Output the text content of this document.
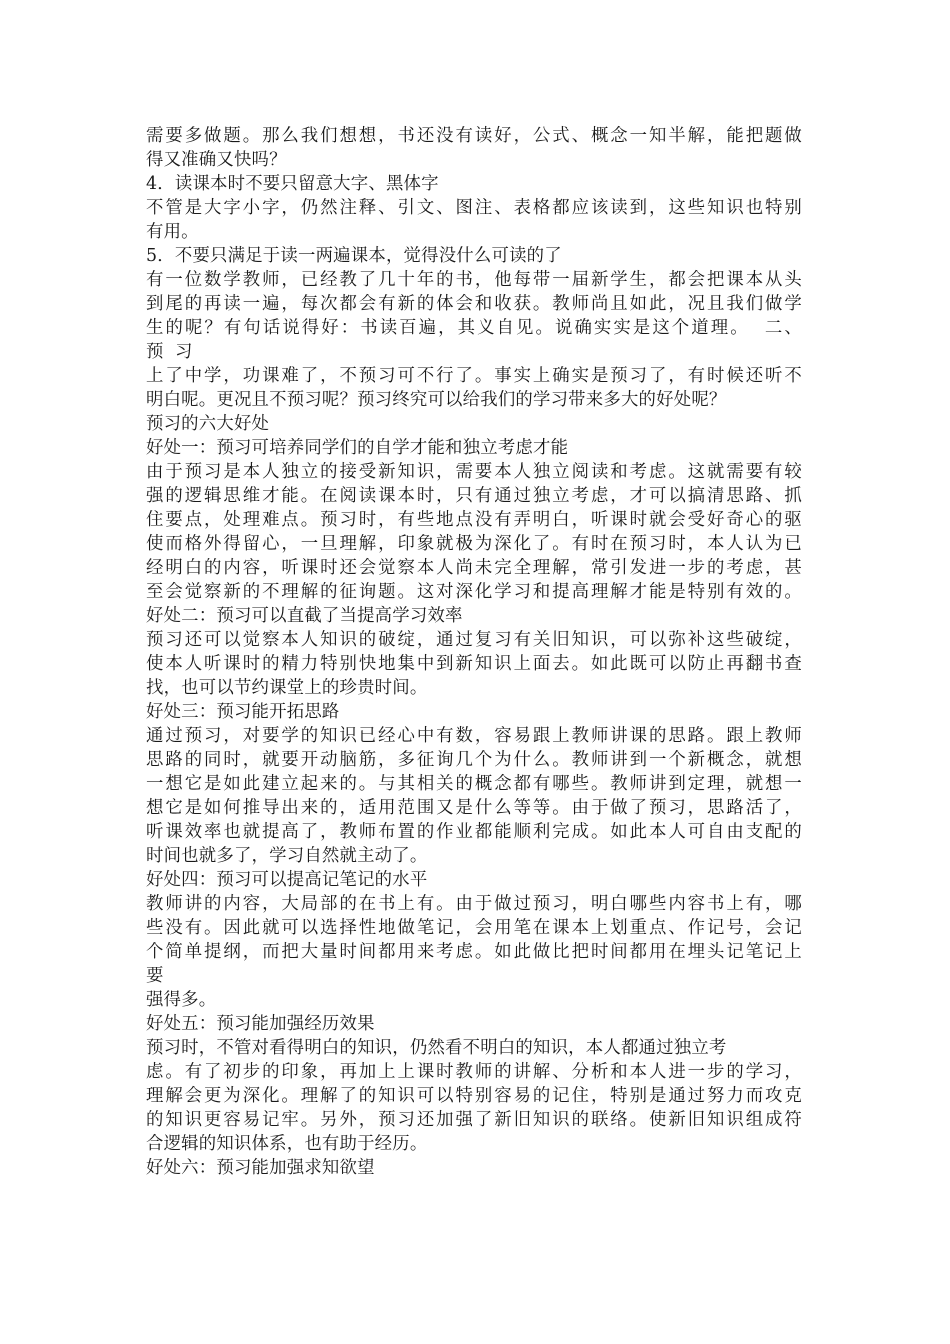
需要多做题。那么我们想想，书还没有读好，公式、概念一知半解，能把题做
得又准确又快吗？
4．读课本时不要只留意大字、黑体字
不管是大字小字，仍然注释、引文、图注、表格都应该读到，这些知识也特别
有用。
5．不要只满足于读一两遍课本，觉得没什么可读的了
有一位数学教师，已经教了几十年的书，他每带一届新学生，都会把课本从头
到尾的再读一遍，每次都会有新的体会和收获。教师尚且如此，况且我们做学
生的呢？有句话说得好：书读百遍，其义自见。说确实实是这个道理。  二、
预  习
上了中学，功课难了，不预习可不行了。事实上确实是预习了，有时候还听不
明白呢。更况且不预习呢？预习终究可以给我们的学习带来多大的好处呢？
预习的六大好处
好处一：预习可培养同学们的自学才能和独立考虑才能
由于预习是本人独立的接受新知识，需要本人独立阅读和考虑。这就需要有较
强的逻辑思维才能。在阅读课本时，只有通过独立考虑，才可以搞清思路、抓
住要点，处理难点。预习时，有些地点没有弄明白，听课时就会受好奇心的驱
使而格外得留心，一旦理解，印象就极为深化了。有时在预习时，本人认为已
经明白的内容，听课时还会觉察本人尚未完全理解，常引发进一步的考虑，甚
至会觉察新的不理解的征询题。这对深化学习和提高理解才能是特别有效的。
好处二：预习可以直截了当提高学习效率
预习还可以觉察本人知识的破绽，通过复习有关旧知识，可以弥补这些破绽，
使本人听课时的精力特别快地集中到新知识上面去。如此既可以防止再翻书查
找，也可以节约课堂上的珍贵时间。
好处三：预习能开拓思路
通过预习，对要学的知识已经心中有数，容易跟上教师讲课的思路。跟上教师
思路的同时，就要开动脑筋，多征询几个为什么。教师讲到一个新概念，就想
一想它是如此建立起来的。与其相关的概念都有哪些。教师讲到定理，就想一
想它是如何推导出来的，适用范围又是什么等等。由于做了预习，思路活了，
听课效率也就提高了，教师布置的作业都能顺利完成。如此本人可自由支配的
时间也就多了，学习自然就主动了。
好处四：预习可以提高记笔记的水平
教师讲的内容，大局部的在书上有。由于做过预习，明白哪些内容书上有，哪
些没有。因此就可以选择性地做笔记，会用笔在课本上划重点、作记号，会记
个简单提纲，而把大量时间都用来考虑。如此做比把时间都用在埋头记笔记上
要
强得多。
好处五：预习能加强经历效果
预习时，不管对看得明白的知识，仍然看不明白的知识，本人都通过独立考
虑。有了初步的印象，再加上上课时教师的讲解、分析和本人进一步的学习，
理解会更为深化。理解了的知识可以特别容易的记住，特别是通过努力而攻克
的知识更容易记牢。另外，预习还加强了新旧知识的联络。使新旧知识组成符
合逻辑的知识体系，也有助于经历。
好处六：预习能加强求知欲望
